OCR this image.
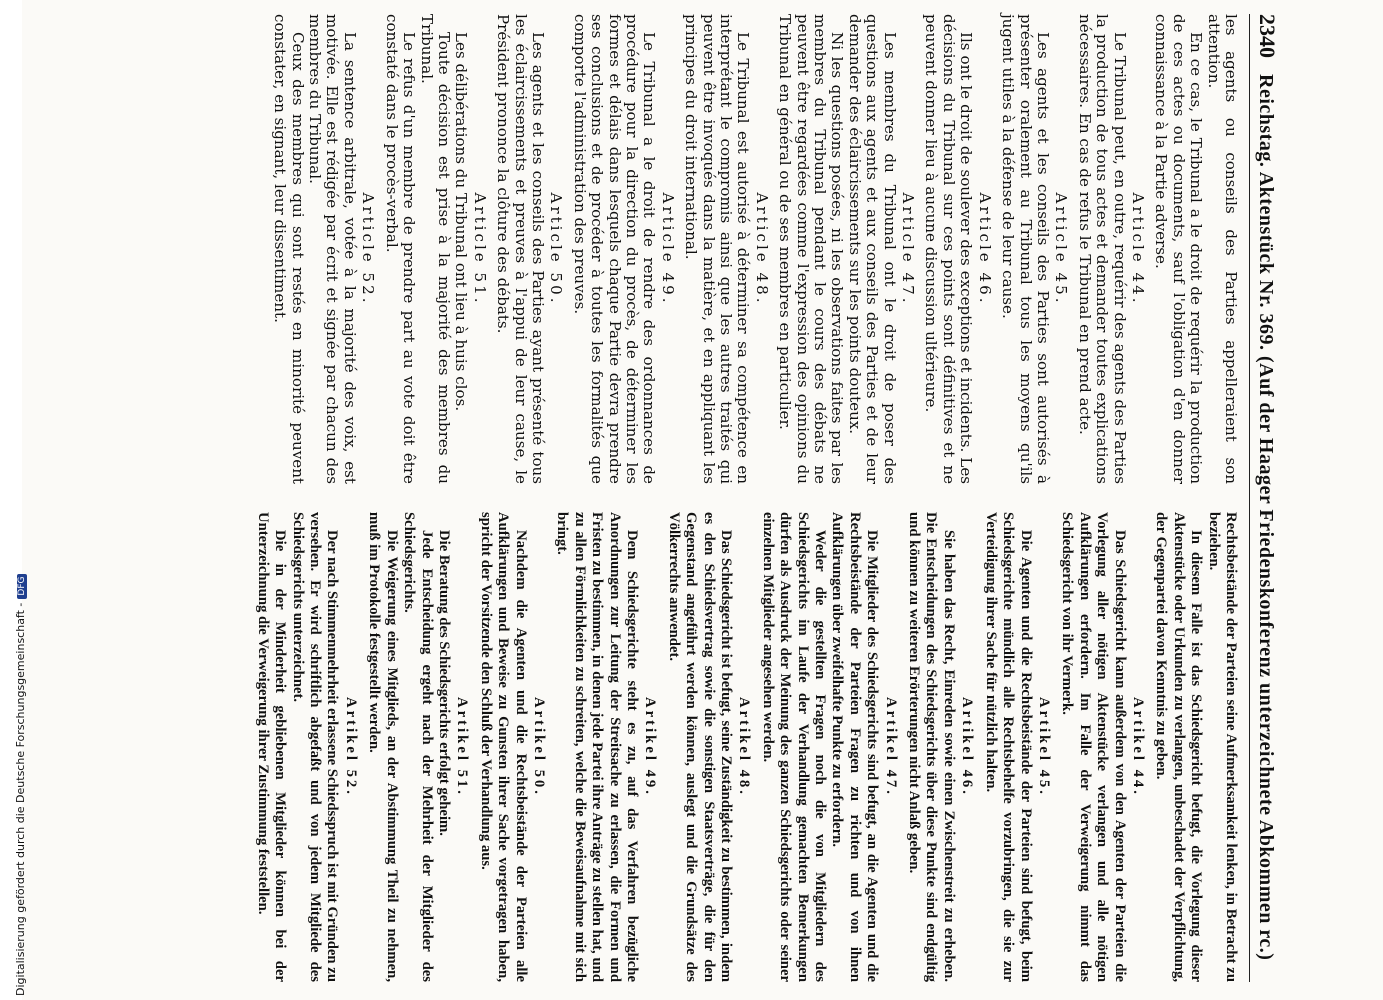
2340
Reichstag. Aktenstück Nr. 369. (Auf der Haager Friedenskonferenz unterzeichnete Abkommen rc.)

les agents ou conseils des Parties appelleraient son attention.

En ce cas, le Tribunal a le droit de requérir la production de ces actes ou documents, sauf l'obligation d'en donner connaissance à la Partie adverse.

Article 44.

Le Tribunal peut, en outre, requérir des agents des Parties la production de tous actes et demander toutes explications nécessaires. En cas de refus le Tribunal en prend acte.

Article 45.

Les agents et les conseils des Parties sont autorisés à présenter oralement au Tribunal tous les moyens qu'ils jugent utiles à la défense de leur cause.

Article 46.

Ils ont le droit de soulever des exceptions et incidents. Les décisions du Tribunal sur ces points sont définitives et ne peuvent donner lieu à aucune discussion ultérieure.

Article 47.

Les membres du Tribunal ont le droit de poser des questions aux agents et aux conseils des Parties et de leur demander des éclaircissements sur les points douteux.

Ni les questions posées, ni les observations faites par les membres du Tribunal pendant le cours des débats ne peuvent être regardées comme l'expression des opinions du Tribunal en général ou de ses membres en particulier.

Article 48.

Le Tribunal est autorisé à déterminer sa compétence en interprétant le compromis ainsi que les autres traités qui peuvent être invoqués dans la matière, et en appliquant les principes du droit international.

Article 49.

Le Tribunal a le droit de rendre des ordonnances de procédure pour la direction du procès, de déterminer les formes et délais dans lesquels chaque Partie devra prendre ses conclusions et de procéder à toutes les formalités que comporte l'administration des preuves.

Article 50.

Les agents et les conseils des Parties ayant présenté tous les éclaircissements et preuves à l'appui de leur cause, le Président prononce la clôture des débats.

Article 51.

Les délibérations du Tribunal ont lieu à huis clos.

Toute décision est prise à la majorité des membres du Tribunal.

Le refus d'un membre de prendre part au vote doit être constaté dans le procès-verbal.

Article 52.

La sentence arbitrale, votée à la majorité des voix, est motivée. Elle est rédigée par écrit et signée par chacun des membres du Tribunal.

Ceux des membres qui sont restés en minorité peuvent constater, en signant, leur dissentiment.

Rechtsbeistände der Parteien seine Aufmerksamkeit lenken, in Betracht zu beziehen.

In diesem Falle ist das Schiedsgericht befugt, die Vorlegung dieser Aktenstücke oder Urkunden zu verlangen, unbeschadet der Verpflichtung, der Gegenpartei davon Kenntnis zu geben.

Artikel 44.

Das Schiedsgericht kann außerdem von den Agenten der Parteien die Vorlegung aller nötigen Aktenstücke verlangen und alle nötigen Aufklärungen erfordern. Im Falle der Verweigerung nimmt das Schiedsgericht von ihr Vermerk.

Artikel 45.

Die Agenten und die Rechtsbeistände der Parteien sind befugt, beim Schiedsgerichte mündlich alle Rechtsbehelfe vorzubringen, die sie zur Verteidigung ihrer Sache für nützlich halten.

Artikel 46.

Sie haben das Recht, Einreden sowie einen Zwischenstreit zu erheben. Die Entscheidungen des Schiedsgerichts über diese Punkte sind endgültig und können zu weiteren Erörterungen nicht Anlaß geben.

Artikel 47.

Die Mitglieder des Schiedsgerichts sind befugt, an die Agenten und die Rechtsbeistände der Parteien Fragen zu richten und von ihnen Aufklärungen über zweifelhafte Punkte zu erfordern.

Weder die gestellten Fragen noch die von Mitgliedern des Schiedsgerichts im Laufe der Verhandlung gemachten Bemerkungen dürfen als Ausdruck der Meinung des ganzen Schiedsgerichts oder seiner einzelnen Mitglieder angesehen werden.

Artikel 48.

Das Schiedsgericht ist befugt, seine Zuständigkeit zu bestimmen, indem es den Schiedsvertrag sowie die sonstigen Staatsverträge, die für den Gegenstand angeführt werden können, auslegt und die Grundsätze des Völkerrechts anwendet.

Artikel 49.

Dem Schiedsgerichte steht es zu, auf das Verfahren bezügliche Anordnungen zur Leitung der Streitsache zu erlassen, die Formen und Fristen zu bestimmen, in denen jede Partei ihre Anträge zu stellen hat, und zu allen Förmlichkeiten zu schreiten, welche die Beweisaufnahme mit sich bringt.

Artikel 50.

Nachdem die Agenten und die Rechtsbeistände der Parteien alle Aufklärungen und Beweise zu Gunsten ihrer Sache vorgetragen haben, spricht der Vorsitzende den Schluß der Verhandlung aus.

Artikel 51.

Die Beratung des Schiedsgerichts erfolgt geheim.

Jede Entscheidung ergeht nach der Mehrheit der Mitglieder des Schiedsgerichts.

Die Weigerung eines Mitglieds, an der Abstimmung Theil zu nehmen, muß im Protokolle festgestellt werden.

Artikel 52.

Der nach Stimmenmehrheit erlassene Schiedsspruch ist mit Gründen zu versehen. Er wird schriftlich abgefaßt und von jedem Mitgliede des Schiedsgerichts unterzeichnet.

Die in der Minderheit gebliebenen Mitglieder können bei der Unterzeichnung die Verweigerung ihrer Zustimmung feststellen.

Digitalisierung gefördert durch die Deutsche Forschungsgemeinschaft -DFG
